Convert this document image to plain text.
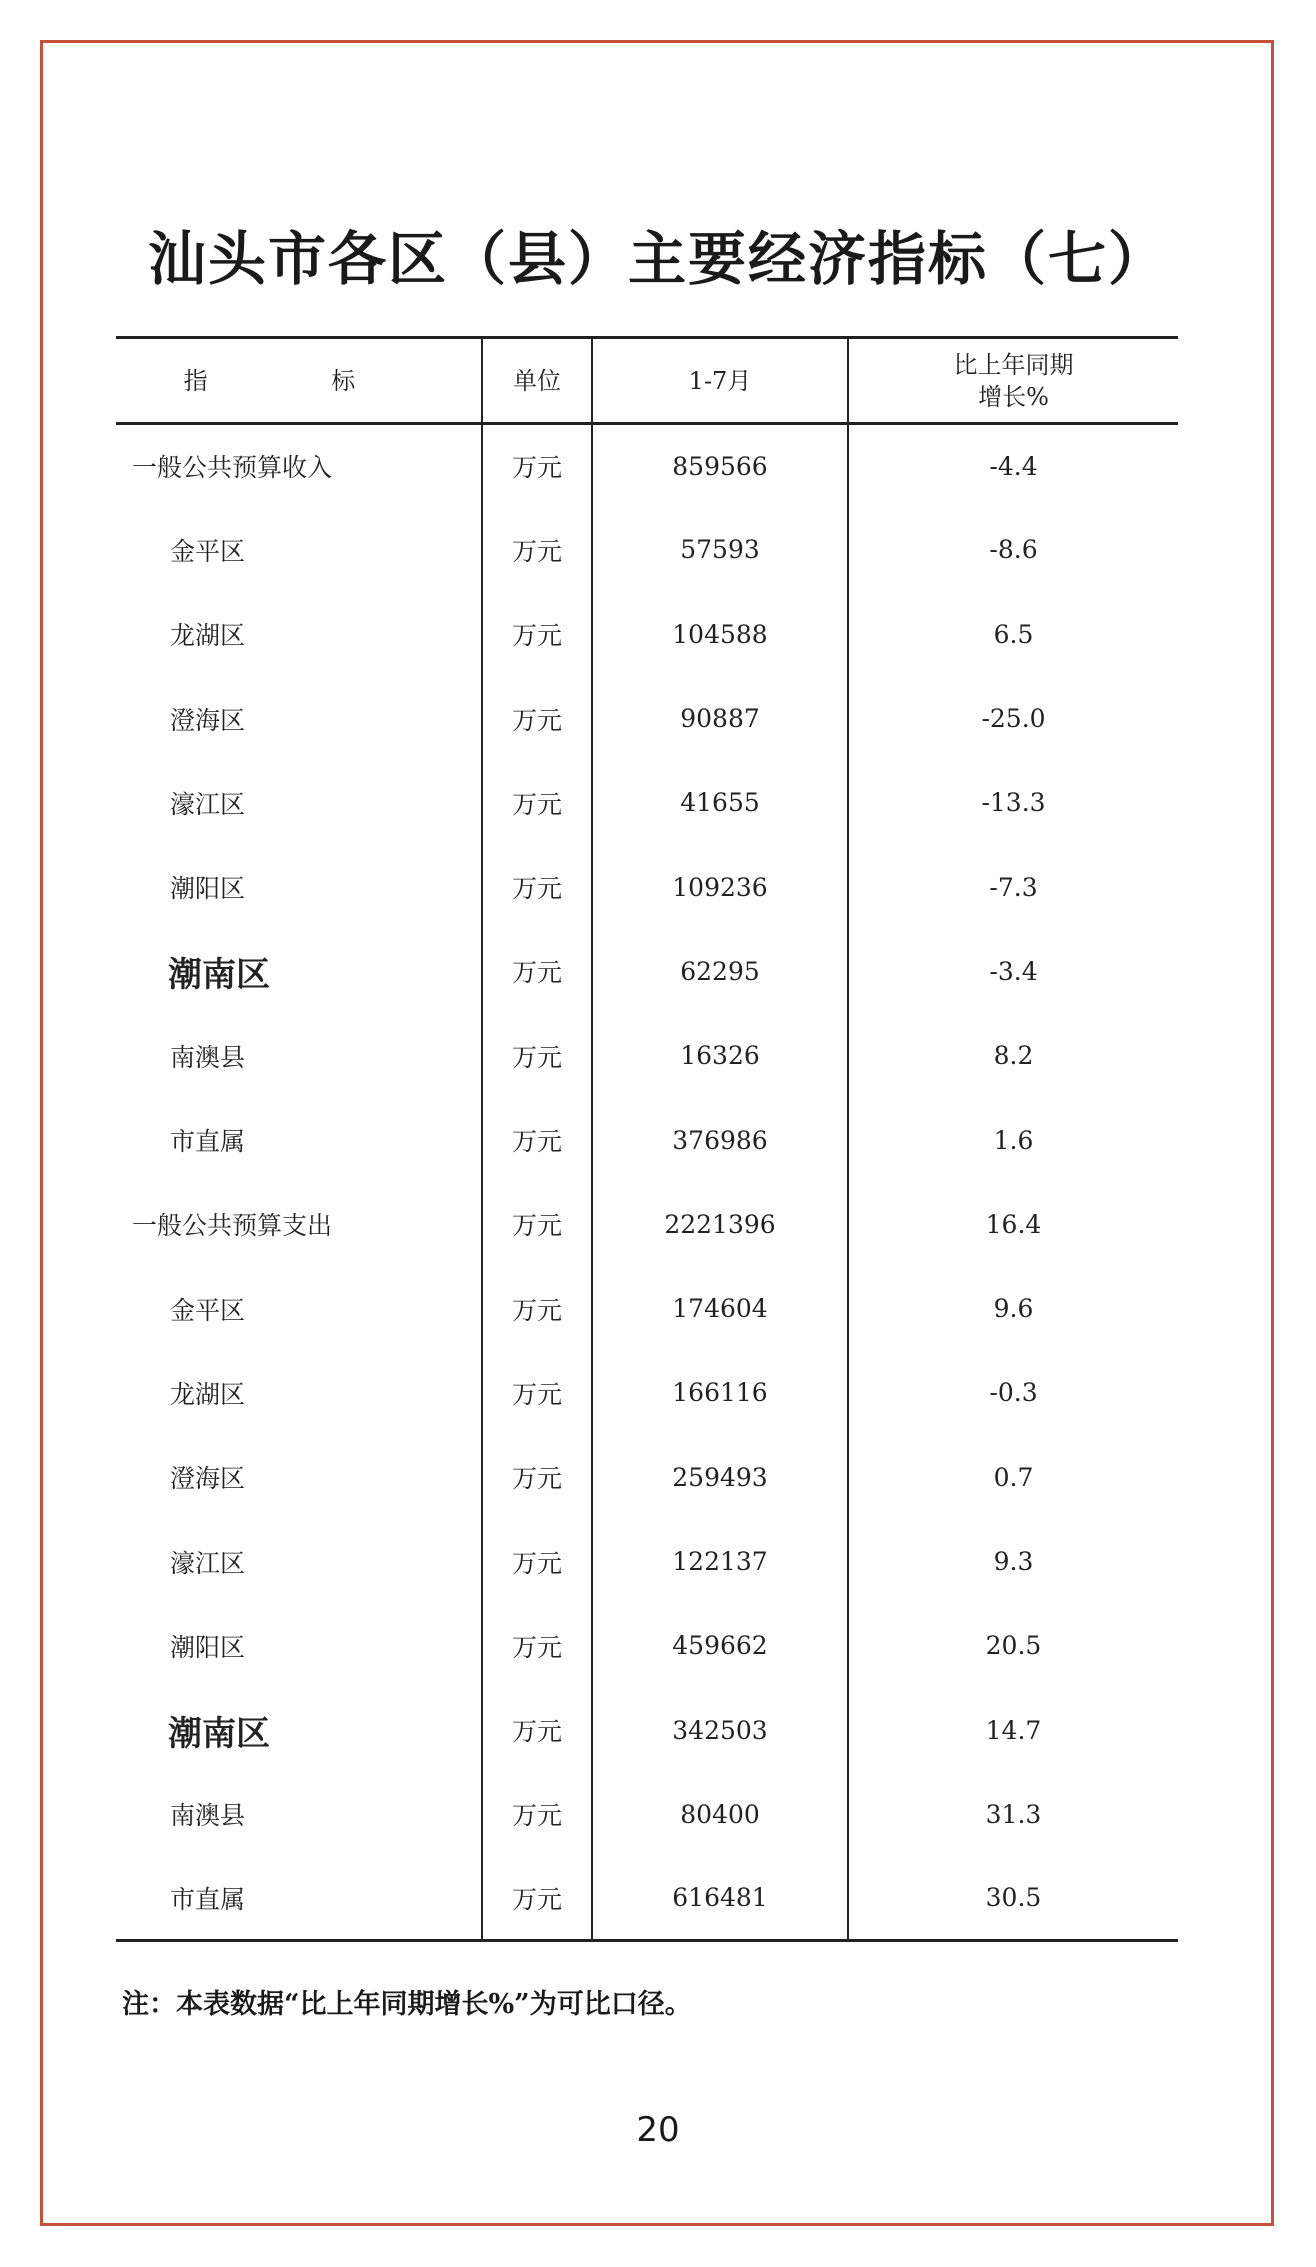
汕头市各区（县）主要经济指标（七）
指 标	单位	1-7月	比上年同期
增长%

一般公共预算收入	万元	859566	-4.4
金平区	万元	57593	-8.6
龙湖区	万元	104588	6.5
澄海区	万元	90887	-25.0
濠江区	万元	41655	-13.3
潮阳区	万元	109236	-7.3
潮南区	万元	62295	-3.4
南澳县	万元	16326	8.2
市直属	万元	376986	1.6
一般公共预算支出	万元	2221396	16.4
金平区	万元	174604	9.6
龙湖区	万元	166116	-0.3
澄海区	万元	259493	0.7
濠江区	万元	122137	9.3
潮阳区	万元	459662	20.5
潮南区	万元	342503	14.7
南澳县	万元	80400	31.3
市直属	万元	616481	30.5
注：本表数据“比上年同期增长%”为可比口径。
20
